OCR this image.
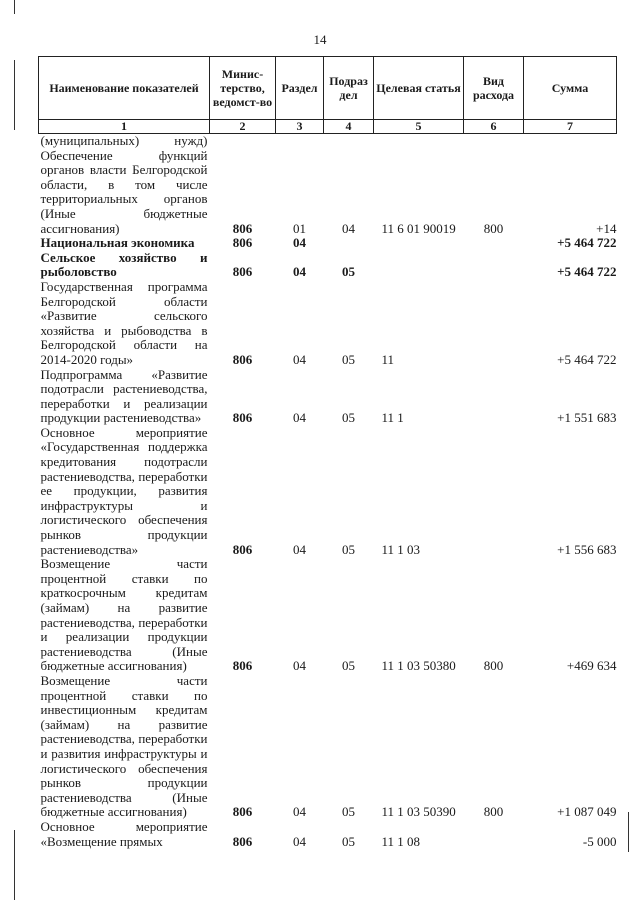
14
Наименование показателей	Минис-терство, ведомст-во	Раздел	Подраз дел	Целевая статья	Вид расхода	Сумма
1	2	3	4	5	6	7
(муниципальных) нужд) Обеспечение функций органов власти Белгородской области, в том числе территориальных органов (Иные бюджетные ассигнования)	806	01	04	11 6 01 90019	800	+14
Национальная экономика	806	04				+5 464 722
Сельское хозяйство и рыболовство	806	04	05			+5 464 722
Государственная программа Белгородской области «Развитие сельского хозяйства и рыбоводства в Белгородской области на 2014-2020 годы»	806	04	05	11		+5 464 722
Подпрограмма «Развитие подотрасли растениеводства, переработки и реализации продукции растениеводства»	806	04	05	11 1		+1 551 683
Основное мероприятие «Государственная поддержка кредитования подотрасли растениеводства, переработки ее продукции, развития инфраструктуры и логистического обеспечения рынков продукции растениеводства»	806	04	05	11 1 03		+1 556 683
Возмещение части процентной ставки по краткосрочным кредитам (займам) на развитие растениеводства, переработки и реализации продукции растениеводства (Иные бюджетные ассигнования)	806	04	05	11 1 03 50380	800	+469 634
Возмещение части процентной ставки по инвестиционным кредитам (займам) на развитие растениеводства, переработки и развития инфраструктуры и логистического обеспечения рынков продукции растениеводства (Иные бюджетные ассигнования)	806	04	05	11 1 03 50390	800	+1 087 049
Основное мероприятие «Возмещение прямых	806	04	05	11 1 08		-5 000
